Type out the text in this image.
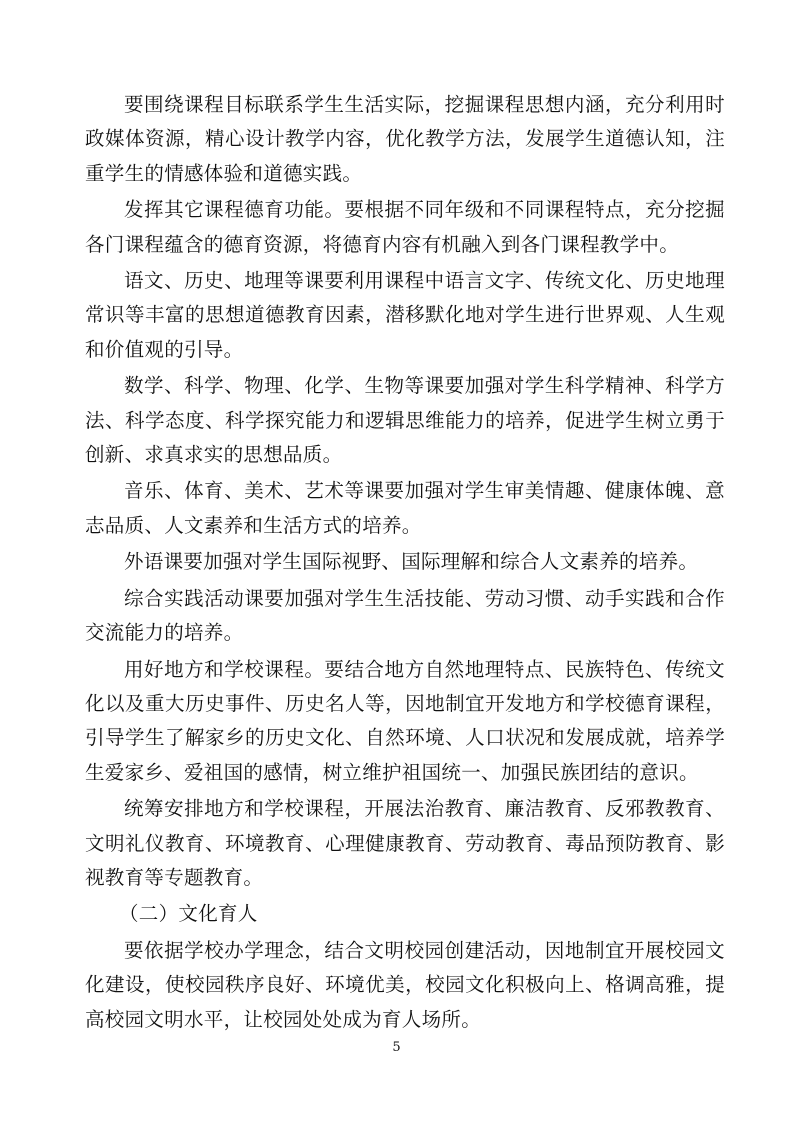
要围绕课程目标联系学生生活实际，挖掘课程思想内涵，充分利用时政媒体资源，精心设计教学内容，优化教学方法，发展学生道德认知，注重学生的情感体验和道德实践。

发挥其它课程德育功能。要根据不同年级和不同课程特点，充分挖掘各门课程蕴含的德育资源，将德育内容有机融入到各门课程教学中。

语文、历史、地理等课要利用课程中语言文字、传统文化、历史地理常识等丰富的思想道德教育因素，潜移默化地对学生进行世界观、人生观和价值观的引导。

数学、科学、物理、化学、生物等课要加强对学生科学精神、科学方法、科学态度、科学探究能力和逻辑思维能力的培养，促进学生树立勇于创新、求真求实的思想品质。

音乐、体育、美术、艺术等课要加强对学生审美情趣、健康体魄、意志品质、人文素养和生活方式的培养。

外语课要加强对学生国际视野、国际理解和综合人文素养的培养。

综合实践活动课要加强对学生生活技能、劳动习惯、动手实践和合作交流能力的培养。

用好地方和学校课程。要结合地方自然地理特点、民族特色、传统文化以及重大历史事件、历史名人等，因地制宜开发地方和学校德育课程，引导学生了解家乡的历史文化、自然环境、人口状况和发展成就，培养学生爱家乡、爱祖国的感情，树立维护祖国统一、加强民族团结的意识。

统筹安排地方和学校课程，开展法治教育、廉洁教育、反邪教教育、文明礼仪教育、环境教育、心理健康教育、劳动教育、毒品预防教育、影视教育等专题教育。

（二）文化育人

要依据学校办学理念，结合文明校园创建活动，因地制宜开展校园文化建设，使校园秩序良好、环境优美，校园文化积极向上、格调高雅，提高校园文明水平，让校园处处成为育人场所。

5
